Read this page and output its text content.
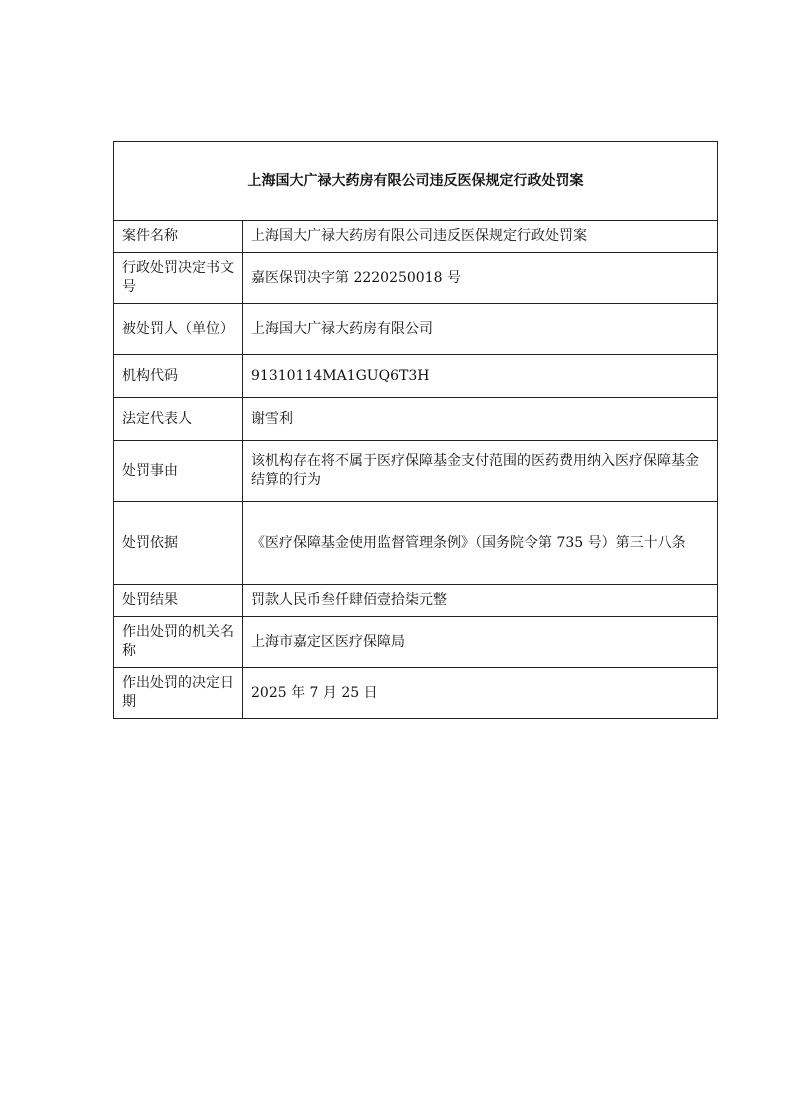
上海国大广禄大药房有限公司违反医保规定行政处罚案	
案件名称	上海国大广禄大药房有限公司违反医保规定行政处罚案
行政处罚决定书文号	嘉医保罚决字第 2220250018 号
被处罚人（单位）	上海国大广禄大药房有限公司
机构代码	91310114MA1GUQ6T3H
法定代表人	谢雪利
处罚事由	该机构存在将不属于医疗保障基金支付范围的医药费用纳入医疗保障基金结算的行为
处罚依据	《医疗保障基金使用监督管理条例》（国务院令第 735 号）第三十八条
处罚结果	罚款人民币叁仟肆佰壹拾柒元整
作出处罚的机关名称	上海市嘉定区医疗保障局
作出处罚的决定日期	2025 年 7 月 25 日
